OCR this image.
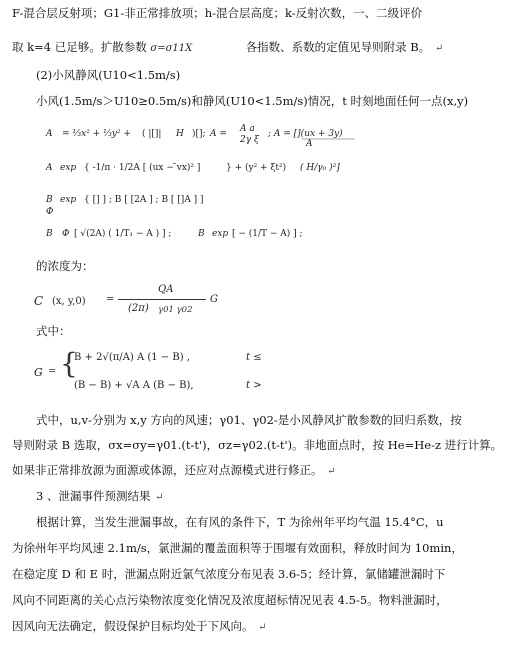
F-混合层反射项；G1-非正常排放项；h-混合层高度；k-反射次数，一、二级评价
取 k=4 已足够。扩散参数 σ=σ11X	各指数、系数的定值见导则附录 B。 ↵
(2)小风静风(U10<1.5m/s)
小风(1.5m/s＞U10≥0.5m/s)和静风(U10<1.5m/s)情况，t 时刻地面任何一点(x,y)
A = ⅓x² + ⅓y² + ( |[]| H )[]; A = A a
2γ ξ
; A = [](ux + 3y)
A
A exp { -1/π · 1/2A [ (ux − ̄vx)² ]	} + (y² + ξt²) ( H/γ₀ )²]
B
Φ
exp { [] ] ; B [ [2A ] ; B [ []A ] ]
B Φ [ √(2A) ( 1/T₁ − A ) ] ;	B exp [ − (1/T − A) ] ;
的浓度为：
C (x, y,0) =
QA
(2π) γ01 γ02
G
式中：
G = {
B + 2√(π/A) A (1 − B) ,	t ≤
(B − B) + √A A (B − B),	t >
式中，u,v-分别为 x,y 方向的风速；γ01、γ02-是小风静风扩散参数的回归系数，按
导则附录 B 选取，σx=σy=γ01.(t-t')，σz=γ02.(t-t')。非地面点时，按 He=He-z 进行计算。
如果非正常排放源为面源或体源，还应对点源模式进行修正。 ↵
3 、泄漏事件预测结果 ↵
根据计算，当发生泄漏事故，在有风的条件下，T 为徐州年平均气温 15.4°C，u
为徐州年平均风速 2.1m/s，氯泄漏的覆盖面积等于围堰有效面积，释放时间为 10min，
在稳定度 D 和 E 时，泄漏点附近氯气浓度分布见表 3.6-5；经计算，氯储罐泄漏时下
风向不同距离的关心点污染物浓度变化情况及浓度超标情况见表 4.5-5。物料泄漏时，
因风向无法确定，假设保护目标均处于下风向。 ↵
